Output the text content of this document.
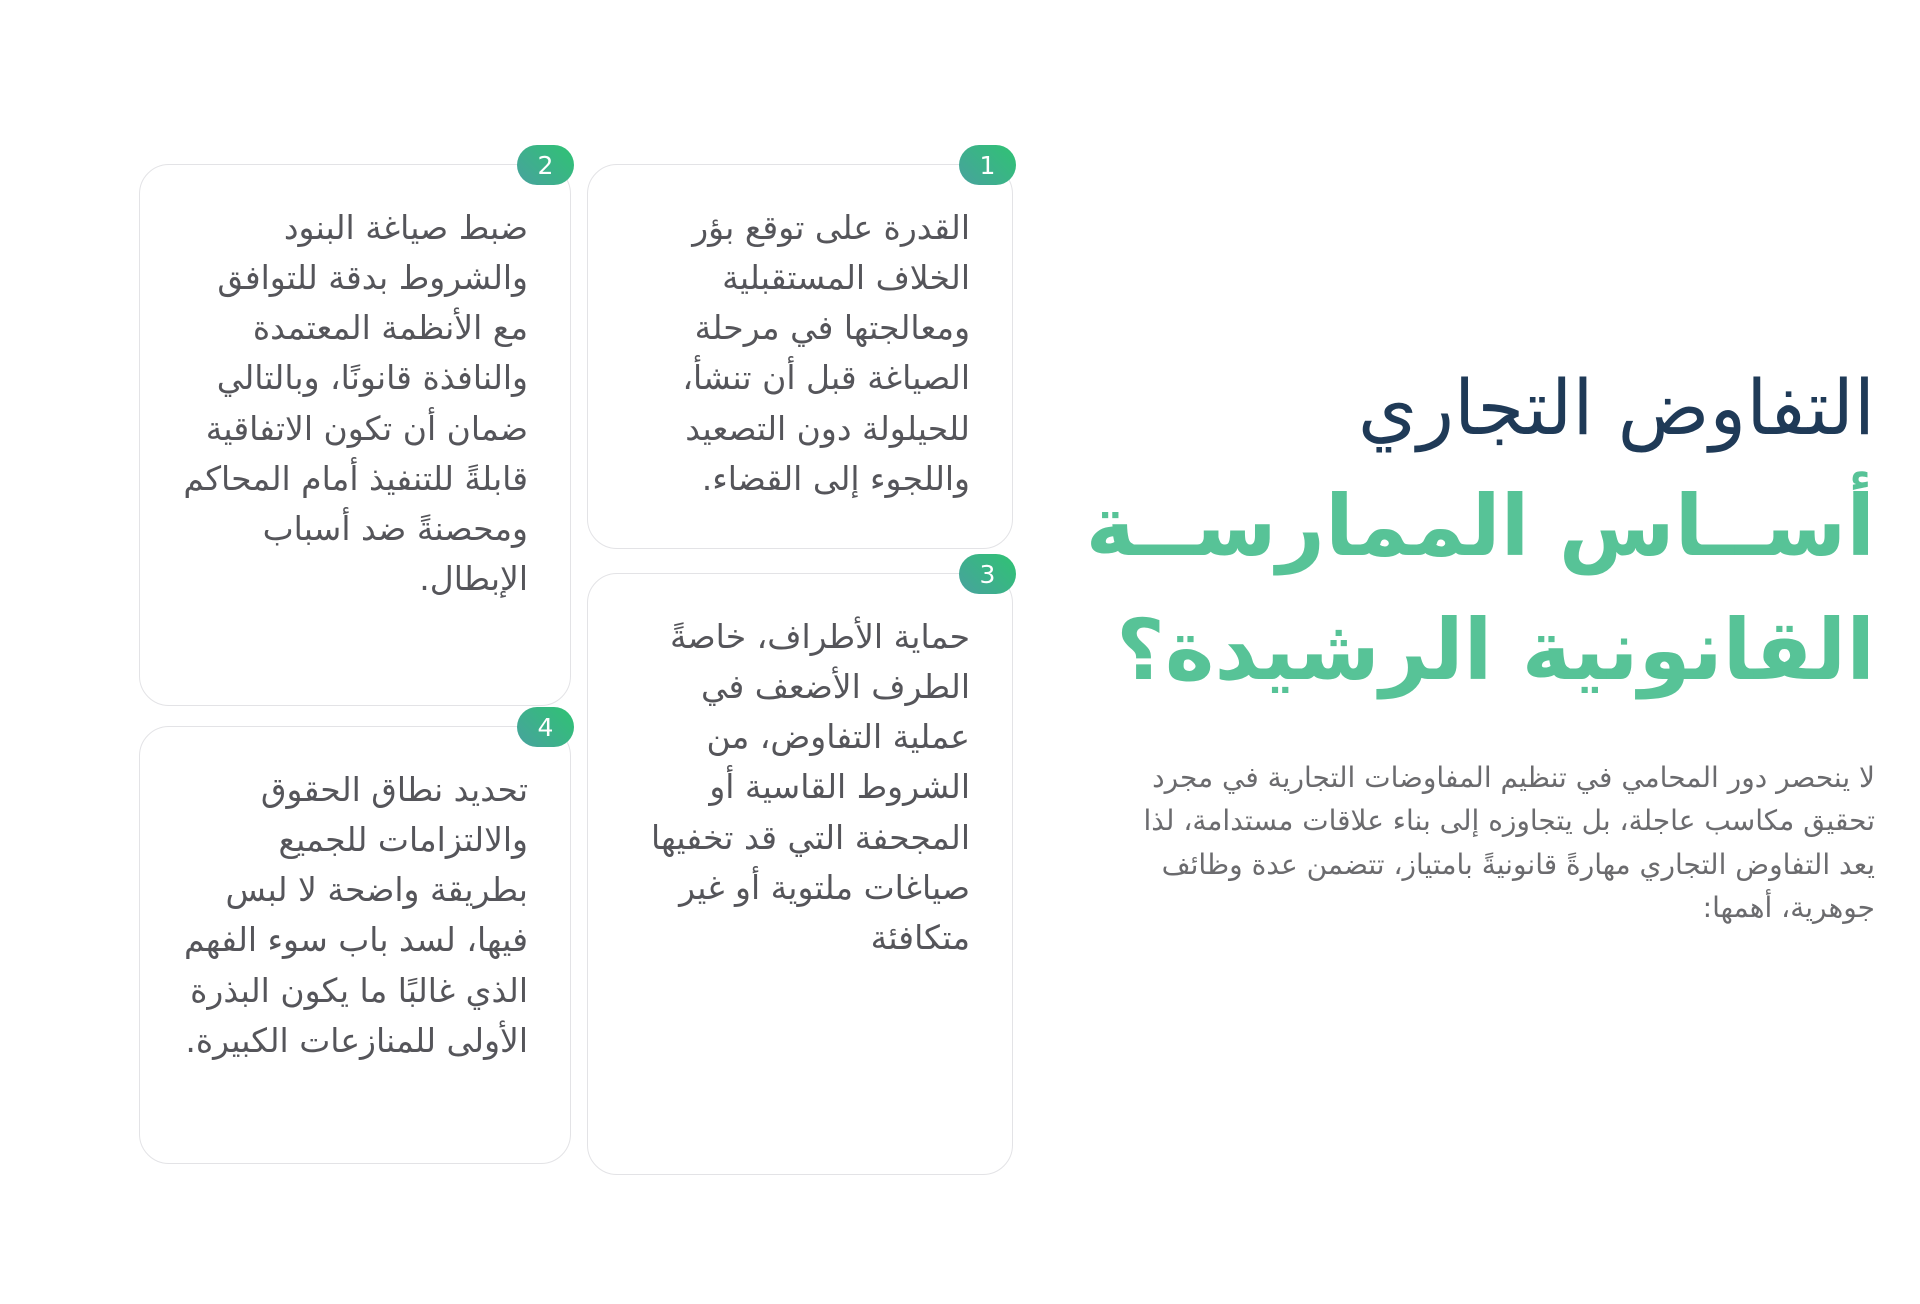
التفاوض التجاري
أســاس الممارســة
القانونية الرشيدة؟

لا ينحصر دور المحامي في تنظيم المفاوضات التجارية في مجرد تحقيق مكاسب عاجلة، بل يتجاوزه إلى بناء علاقات مستدامة، لذا يعد التفاوض التجاري مهارةً قانونيةً بامتياز، تتضمن عدة وظائف جوهرية، أهمها:

1

القدرة على توقع بؤر الخلاف المستقبلية ومعالجتها في مرحلة الصياغة قبل أن تنشأ، للحيلولة دون التصعيد واللجوء إلى القضاء.

2

ضبط صياغة البنود والشروط بدقة للتوافق مع الأنظمة المعتمدة والنافذة قانونًا، وبالتالي ضمان أن تكون الاتفاقية قابلةً للتنفيذ أمام المحاكم ومحصنةً ضد أسباب الإبطال.	3

حماية الأطراف، خاصةً الطرف الأضعف في عملية التفاوض، من الشروط القاسية أو المجحفة التي قد تخفيها صياغات ملتوية أو غير متكافئة

4

تحديد نطاق الحقوق والالتزامات للجميع بطريقة واضحة لا لبس فيها، لسد باب سوء الفهم الذي غالبًا ما يكون البذرة الأولى للمنازعات الكبيرة.
